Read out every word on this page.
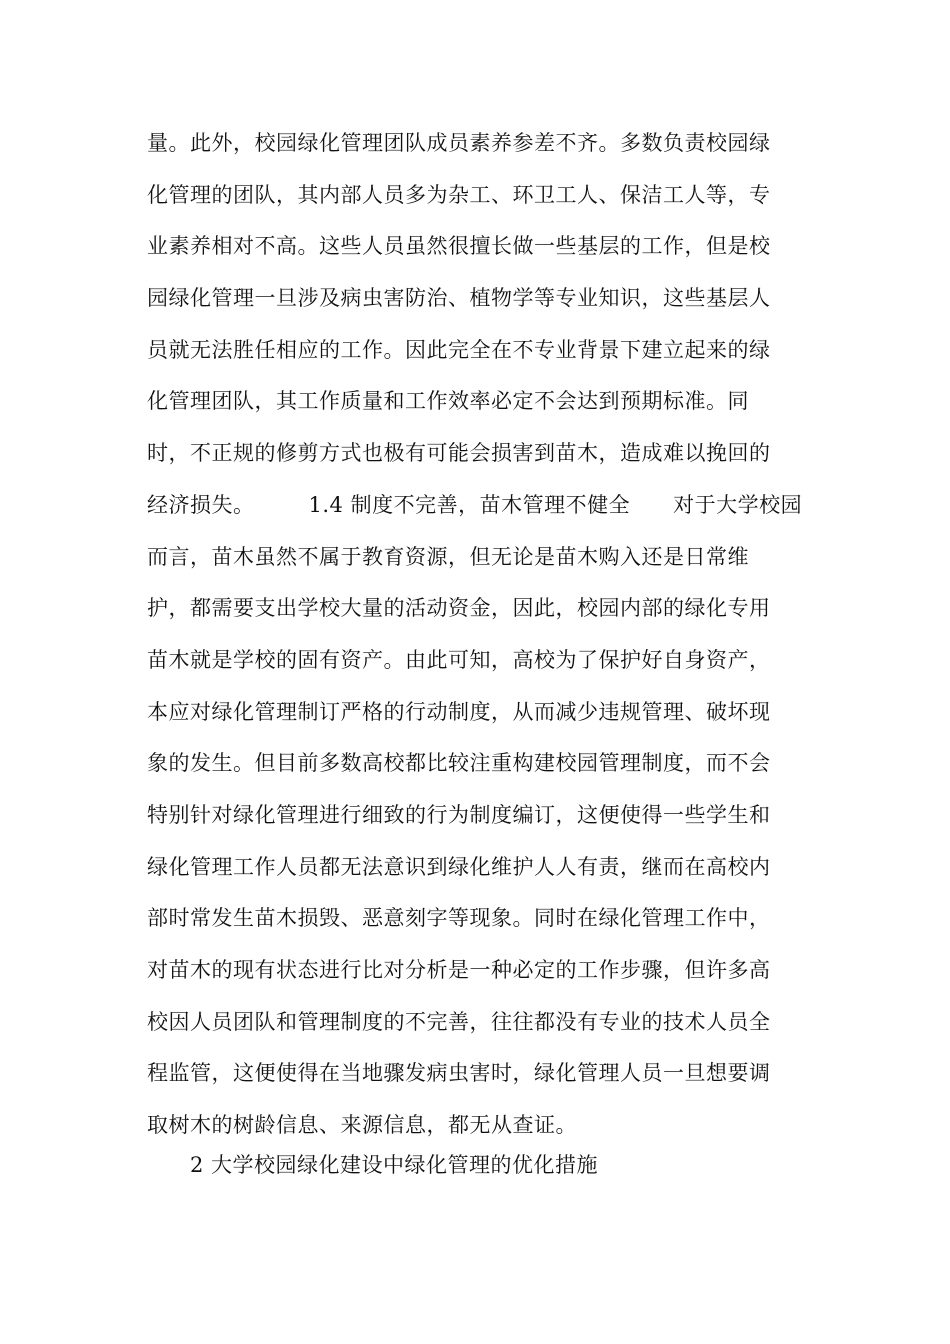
量。此外，校园绿化管理团队成员素养参差不齐。多数负责校园绿
化管理的团队，其内部人员多为杂工、环卫工人、保洁工人等，专
业素养相对不高。这些人员虽然很擅长做一些基层的工作，但是校
园绿化管理一旦涉及病虫害防治、植物学等专业知识，这些基层人
员就无法胜任相应的工作。因此完全在不专业背景下建立起来的绿
化管理团队，其工作质量和工作效率必定不会达到预期标准。同
时，不正规的修剪方式也极有可能会损害到苗木，造成难以挽回的
经济损失。　　　1.4 制度不完善，苗木管理不健全　　对于大学校园
而言，苗木虽然不属于教育资源，但无论是苗木购入还是日常维
护，都需要支出学校大量的活动资金，因此，校园内部的绿化专用
苗木就是学校的固有资产。由此可知，高校为了保护好自身资产，
本应对绿化管理制订严格的行动制度，从而减少违规管理、破坏现
象的发生。但目前多数高校都比较注重构建校园管理制度，而不会
特别针对绿化管理进行细致的行为制度编订，这便使得一些学生和
绿化管理工作人员都无法意识到绿化维护人人有责，继而在高校内
部时常发生苗木损毁、恶意刻字等现象。同时在绿化管理工作中，
对苗木的现有状态进行比对分析是一种必定的工作步骤，但许多高
校因人员团队和管理制度的不完善，往往都没有专业的技术人员全
程监管，这便使得在当地骤发病虫害时，绿化管理人员一旦想要调
取树木的树龄信息、来源信息，都无从查证。
2 大学校园绿化建设中绿化管理的优化措施
